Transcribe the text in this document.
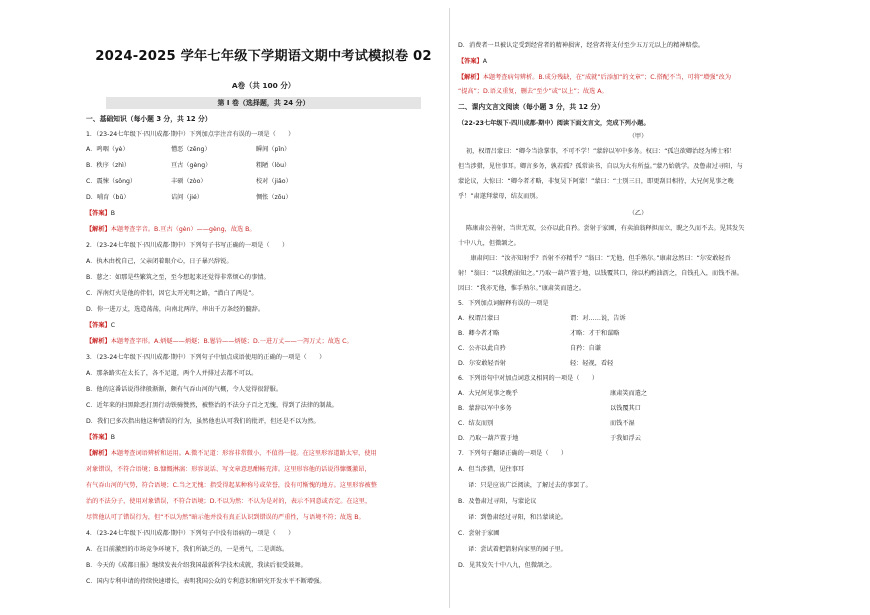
2024-2025 学年七年级下学期语文期中考试模拟卷 02
A卷（共 100 分）
第 I 卷（选择题，共 24 分）
一、基础知识（每小题 3 分，共 12 分）
1．（23-24七年级下·四川成都·期中）下列加点字注音有误的一项是（　　）
A．鸣咽（yè）	憎恶（zēng）	瞬间（pǐn）
B．秩序（zhì）	亘古（gèng）	粗陋（lòu）
C．震悚（sǒng）	丰硕（zòo）	校对（jiǎo）
D．哺育（bǔ）	诘问（jié）	惆怅（zōu）
【答案】B
【解析】本题考查字音。B.亘古（gèn）——gèng，故选 B。
2．（23-24七年级下·四川成都·期中）下列句子书写正确的一项是（　　）
A．执木由枕自己，父亲闭着眼介心，日子暴兴辞锐。
B．慈之：如那是些繁筑之至，至今想起来还觉得非常烦心的事情。
C．浑南灯火是他的伴侣，因它太开光明之路，“潜白了两是”。
D．你一进万丈，选造荡荡，向南北两岸，串出千万条经的髓辞。
【答案】C
【解析】本题考查字形。A.炳燧——炳燧；B.鬈钤——炳燧；D.一进万丈——一泻万丈；故选 C。
3．（23-24七年级下·四川成都·期中）下列句子中加点成语使用的正确的一项是（　　）
A．那条路实在太长了，各不足道，两个人并排过去都不可以。
B．他的这番话说得律般渐渐，颇有气吞山河的气概，令人觉得很舒服。
C．近年来的扫黑除恶打黑行动铁骑赞然，被整治的不法分子百之无愧，得到了法律的制裁。
D．我们已多次指出他这种错误的行为，虽然他也认可我们的批评，但还是不以为然。
【答案】B
【解析】本题考查词语辨析和运用。A.微不足道：形容非常微小，不值得一提。在这里形容道路太窄，使用
对象错误，不符合语境；B.慷慨淋漓：形容说话、写文章意思酣畅充沛。这里形容他的话说得慷慨激昂，
有气吞山河的气势，符合语境；C.当之无愧：指受得起某种称号或荣誉，没有可惭愧的地方。这里形容被整
治的不法分子，使用对象错误，不符合语境；D.不以为然：不认为是对的，表示不同意或否定。在这里，
尽管他认可了错误行为，但“不以为然”暗示他并没有真正认识到错误的严重性，与语境不符；故选 B。
4．（23-24七年级下·四川成都·期中）下列句子中没有语病的一项是（　　）
A．在目前激烈的市场竞争环境下，我们所缺乏的，一是勇气，二是训练。
B．今天的《成都日报》继续发表介绍我国最新科学技术成就，我读后很受鼓舞。
C．国内专利申请的持续快速增长，表明我国公众的专利意识和研究开发水平不断增强。
D．消费者一旦被认定受到经营者的精神损害，经营者将支付至少五万元以上的精神赔偿。
【答案】A
【解析】本题考查病句辨析。B.成分残缺，在“成就”后添加“的文章”；C.搭配不当，可将“增强”改为
“提高”；D.语义重复，删去“至少”或“以上”；故选 A。
二、课内文言文阅读（每小题 3 分，共 12 分）
（22-23七年级下·四川成都·期中）阅读下面文言文，完成下列小题。
（甲）
初，权谓吕蒙曰：“卿今当涂掌事，不可不学！”蒙辞以军中多务。权曰：“孤岂欲卿治经为博士邪！
但当涉猎，见往事耳。卿言多务，孰若孤？孤常读书，自以为大有所益。”蒙乃始就学。及鲁肃过寻阳，与
蒙论议，大惊曰：“卿今者才略，非复吴下阿蒙！”蒙曰：“士别三日，即更刮目相待，大兄何见事之晚
乎！”肃遂拜蒙母，结友而别。
（乙）
陈康肃公善射，当世无双，公亦以此自矜。尝射于家圃，有卖油翁释担而立，睨之久而不去。见其发矢
十中八九，但微颔之。
　　康肃问曰：“汝亦知射乎？吾射不亦精乎？”翁曰：“无他，但手熟尔。”康肃忿然曰：“尔安敢轻吾
射！”翁曰：“以我酌油知之。”乃取一葫芦置于地，以钱覆其口，徐以杓酌油沥之，自钱孔入，而钱不湿。
因曰：“我亦无他，惟手熟尔。”康肃笑而遣之。
5．下列加点词解释有误的一项是
A．权谓吕蒙曰	谓：对……说，告诉
B．卿今者才略	才略：才干和谋略
C．公亦以此自矜	自矜：自谦
D．尔安敢轻吾射	轻：轻视，看轻
6．下列语句中对加点词意义相同的一项是（　　）
A．大兄何见事之晚乎	康肃笑而遣之
B．蒙辞以军中多务	以钱覆其口
C．结友而别	而钱不湿
D．乃取一葫芦置于地	于我如浮云
7．下列句子翻译正确的一项是（　　）
A．但当涉猎，见往事耳
译：只是应该广泛阅读，了解过去的事罢了。
B．及鲁肃过寻阳，与蒙论议
译：到鲁肃经过寻阳，和吕蒙谈论。
C．尝射于家圃
译：尝试着把箭射向家里的园子里。
D．见其发矢十中八九，但微颔之。
